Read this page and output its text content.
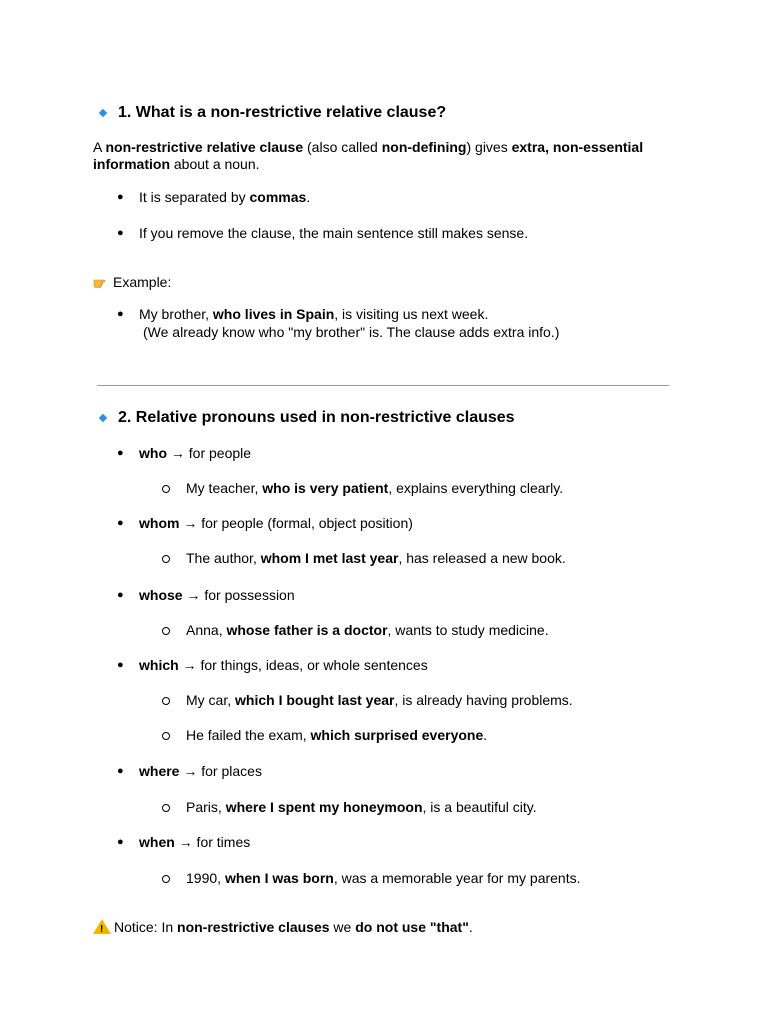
1. What is a non-restrictive relative clause?
A non-restrictive relative clause (also called non-defining) gives extra, non-essential
information about a noun.
● It is separated by commas.
● If you remove the clause, the main sentence still makes sense.
Example:
● My brother, who lives in Spain, is visiting us next week.
(We already know who "my brother" is. The clause adds extra info.)
2. Relative pronouns used in non-restrictive clauses
● who → for people
My teacher, who is very patient, explains everything clearly.
● whom → for people (formal, object position)
The author, whom I met last year, has released a new book.
● whose → for possession
Anna, whose father is a doctor, wants to study medicine.
● which → for things, ideas, or whole sentences
My car, which I bought last year, is already having problems.
He failed the exam, which surprised everyone.
● where → for places
Paris, where I spent my honeymoon, is a beautiful city.
● when → for times
1990, when I was born, was a memorable year for my parents.
!Notice: In non-restrictive clauses we do not use "that".
